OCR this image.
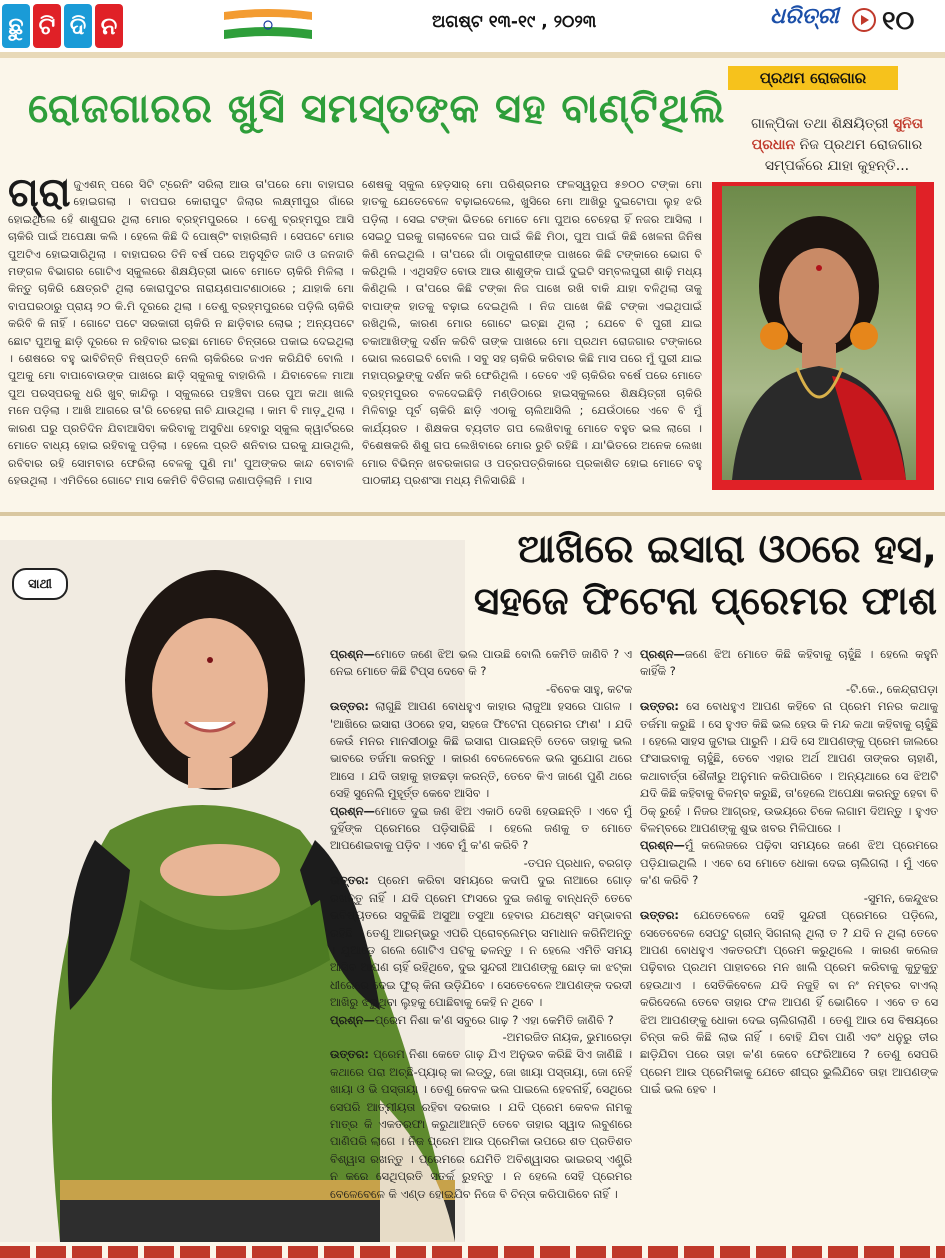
ଛୁ ଟି ଦି ନ	ଅଗଷ୍ଟ ୧୩-୧୯ , ୨୦୨୩	ଧରିତ୍ରୀ ୧୦
ପ୍ରଥମ ରୋଜଗାର
ରୋଜଗାରର ଖୁସି ସମସ୍ତଙ୍କ ସହ ବାଣ୍ଟିଥିଲି ଗାଳ୍ପିକା ତଥା ଶିକ୍ଷୟିତ୍ରୀ ସୁନିତା ପ୍ରଧାନ ନିଜ ପ୍ରଥମ ରୋଜଗାର ସମ୍ପର୍କରେ ଯାହା କୁହନ୍ତି...
ଗ୍ରା ଜୁଏଶନ୍ ପରେ ସିଟି ଟ୍ରେନିଂ ସରିଲା ଆଉ ତା'ପରେ ମୋ ବାହାଘର ହୋଇଗଲା । ବାପଘର କୋରାପୁଟ ଜିଲାର ଲକ୍ଷ୍ମୀପୁର ଗାଁରେ ହୋଇଥିଲେ ହେଁ ଶାଶୁଘର ଥିଲା ମୋର ବ୍ରହ୍ମପୁରରେ । ତେଣୁ ବ୍ରହ୍ମପୁର ଆସି ଚାକିରି ପାଇଁ ଅପେକ୍ଷା କଲି । ହେଲେ କିଛି ଦି ପୋଷ୍ଟିଂ ବାହାରିଲାନି । ସେପଟେ ମୋର ପୁଅଟିଏ ହୋଇସାରିଥିଲା । ବାହାଘରର ତିନି ବର୍ଷ ପରେ ଅନୁସୂଚିତ ଜାତି ଓ ଜନଜାତି ମଙ୍ଗଳ ବିଭାଗର ଗୋଟିଏ ସ୍କୁଲରେ ଶିକ୍ଷୟିତ୍ରୀ ଭାବେ ମୋତେ ଚାକିରି ମିଳିଲା । କିନ୍ତୁ ଚାକିରି କ୍ଷେତ୍ରଟି ଥିଲା କୋରାପୁଟର ନାରାୟଣପାଟଣାଠାରେ ; ଯାହାକି ମୋ ବାପଘରଠାରୁ ପ୍ରାୟ ୨୦ କି.ମି ଦୂରରେ ଥିଲା । ତେଣୁ ବ୍ରହ୍ମପୁରରେ ପଡ଼ିଲି ଚାକିରି କରିବି କି ନାହିଁ । ଗୋଟେ ପଟେ ସରକାରୀ ଚାକିରି ନ ଛାଡ଼ିବାର ଲୋଭ ; ଅନ୍ୟପଟେ ଛୋଟ ପୁଅକୁ ଛାଡ଼ି ଦୂରରେ ନ ରହିବାର ଇଚ୍ଛା ମୋତେ ଚିନ୍ତାରେ ପକାଇ ଦେଇଥିଲା । ଶେଷରେ ବହୁ ଭାବିଚିନ୍ତି ନିଷ୍ପତ୍ତି ନେଲି ଚାକିରିରେ ଜଏନ କରିଯିବି ବୋଲି । ପୁଅକୁ ମୋ ବାପାବୋଉଙ୍କ ପାଖରେ ଛାଡ଼ି ସ୍କୁଲକୁ ବାହାରିଲି । ଯିବାବେଳେ ମାଆ ପୁଅ ପରସ୍ପରକୁ ଧରି ଖୁବ୍ କାନ୍ଦିଲୁ । ସ୍କୁଲରେ ପହଞ୍ଚିବା ପରେ ପୁଅ କଥା ଖାଲି ମନେ ପଡ଼ିଲା । ଆଖି ଆଗରେ ତା'ରି ଚେହେରା ନାଚି ଯାଉଥିଲା । କାମ ବି ମାଡ଼ୁଥିଲା । କାରଣ ଘରୁ ପ୍ରତିଦିନ ଯିବାଆସିବା କରିବାକୁ ଅସୁବିଧା ହେବାରୁ ସ୍କୁଲ କ୍ୱାର୍ଟରରେ ମୋତେ ବାଧ୍ୟ ହୋଇ ରହିବାକୁ ପଡ଼ିଲା । ହେଲେ ପ୍ରତି ଶନିବାର ଘରକୁ ଯାଉଥିଲି, ରବିବାର ରହି ସୋମବାର ଫେରିଲା ବେଳକୁ ପୁଣି ମା' ପୁଅଙ୍କର କାନ୍ଦ ବୋବାଳି ହେଉଥିଲା । ଏମିତିରେ ଗୋଟେ ମାସ କେମିତି ବିତିଗଲା ଜଣାପଡ଼ିଲାନି । ମାସ
ଶେଷକୁ ସ୍କୁଲ ହେଡ଼ସାର୍ ମୋ ପରିଶ୍ରମର ଫଳସ୍ୱରୂପ ୫୭୦୦ ଟଙ୍କା ମୋ ହାତକୁ ଯେତେବେଳେ ବଢ଼ାଇଦେଲେ, ଖୁସିରେ ମୋ ଆଖିରୁ ଦୁଇଟୋପା ଲୁହ ଝରି ପଡ଼ିଲା । ସେଇ ଟଙ୍କା ଭିତରେ ମୋତେ ମୋ ପୁଅର ଚେହେରା ହିଁ ନଜର ଆସିଲା । ସେଇଠୁ ଘରକୁ ଗଲାବେଳେ ଘର ପାଇଁ କିଛି ମିଠା, ପୁଅ ପାଇଁ କିଛି ଖେଳନା ଜିନିଷ କିଣି ନେଇଥିଲି । ତା'ପରେ ଗାଁ ଠାକୁରାଣୀଙ୍କ ପାଖରେ କିଛି ଟଙ୍କାରେ ଭୋଗ ବି କରିଥିଲି । ଏଥିସହିତ ବୋଉ ଆଉ ଶାଶୁଙ୍କ ପାଇଁ ଦୁଇଟି ସମ୍ବଲପୁରୀ ଶାଢ଼ି ମଧ୍ୟ କିଣିଥିଲି । ତା'ପରେ କିଛି ଟଙ୍କା ନିଜ ପାଖେ ରଖି ବାକି ଯାହା ବଳିଥିଲା ତାକୁ ବାପାଙ୍କ ହାତକୁ ବଢ଼ାଇ ଦେଇଥିଲି । ନିଜ ପାଖେ କିଛି ଟଙ୍କା ଏଇଥିପାଇଁ ରଖିଥିଲି, କାରଣ ମୋର ଗୋଟେ ଇଚ୍ଛା ଥିଲା ; ଯେବେ ବି ପୁରୀ ଯାଇ ଚକାଆଖିଙ୍କୁ ଦର୍ଶନ କରିବି ତାଙ୍କ ପାଖରେ ମୋ ପ୍ରଥମ ରୋଜଗାର ଟଙ୍କାରେ ଭୋଗ ଲଗେଇବି ବୋଲି । ସବୁ ସହ ଚାକିରି କରିବାର କିଛି ମାସ ପରେ ମୁଁ ପୁରୀ ଯାଇ ମହାପ୍ରଭୁଙ୍କୁ ଦର୍ଶନ କରି ଫେରିଥିଲି । ତେବେ ଏହି ଚାକିରିର ବର୍ଷେ ପରେ ମୋତେ ବ୍ରହ୍ମପୁରର ବଳଦେଇଛିଡ଼ି ମଣ୍ଡିଠାରେ ହାଇସ୍କୁଲରେ ଶିକ୍ଷୟିତ୍ରୀ ଚାକିରି ମିଳିବାରୁ ପୂର୍ବ ଚାକିରି ଛାଡ଼ି ଏଠାକୁ ଚାଲିଆସିଲି ; ଯେଉଁଠାରେ ଏବେ ବି ମୁଁ କାର୍ଯ୍ୟରତ । ଶିକ୍ଷକତା ବ୍ୟତୀତ ଗପ ଲେଖିବାକୁ ମୋତେ ବହୁତ ଭଲ ଲାଗେ । ବିଶେଷକରି ଶିଶୁ ଗପ ଲେଖିବାରେ ମୋର ରୁଚି ରହିଛି । ଯା'ଭିତରେ ଅନେକ ଲେଖା ମୋର ବିଭିନ୍ନ ଖବରକାଗଜ ଓ ପତ୍ରପତ୍ରିକାରେ ପ୍ରକାଶିତ ହୋଇ ମୋତେ ବହୁ ପାଠକୀୟ ପ୍ରଶଂସା ମଧ୍ୟ ମିଳିସାରିଛି ।
ସାଥୀ
ଆଖିରେ ଇସାରା ଓଠରେ ହସ,
ସହଜେ ଫିଟେନା ପ୍ରେମର ଫାଶ
ପ୍ରଶ୍ନ—ମୋତେ ଜଣେ ଝିଅ ଭଲ ପାଉଛି ବୋଲି କେମିତି ଜାଣିବି ? ଏ ନେଇ ମୋତେ କିଛି ଟିପ୍ସ ଦେବେ କି ?
-ବିବେକ ସାହୁ, କଟକ
ଉତ୍ତର: ଲାଗୁଛି ଆପଣ ବୋଧହୁଏ କାହାର ଲାଜୁଆ ହସରେ ପାଗଳ । 'ଆଖିରେ ଇସାରା ଓଠରେ ହସ, ସହଜେ ଫିଟେନା ପ୍ରେମର ଫାଶ' । ଯଦି କେଉଁ ମନର ମାନସୀଠାରୁ କିଛି ଇସାରା ପାଉଛନ୍ତି ତେବେ ତାହାକୁ ଭଲ ଭାବରେ ତର୍ଜମା କରନ୍ତୁ । କାରଣ ବେଳେବେଳେ ଭଲ ସୁଯୋଗ ଥରେ ଆସେ । ଯଦି ତାହାକୁ ହାତଛଡ଼ା କରନ୍ତି, ତେବେ କିଏ ଜାଣେ ପୁଣି ଥରେ ସେହି ସୁନେଲି ମୁହୂର୍ତ୍ତ କେବେ ଆସିବ ।
ପ୍ରଶ୍ନ—ମୋତେ ଦୁଇ ଜଣ ଝିଅ ଏକାଠି ଦେଖି ହେଉଛନ୍ତି । ଏବେ ମୁଁ ଦୁହିଁଙ୍କ ପ୍ରେମରେ ପଡ଼ିସାରିଛି । ହେଲେ ଜଣକୁ ତ ମୋତେ ଆପଣେଇବାକୁ ପଡ଼ିବ । ଏବେ ମୁଁ କ'ଣ କରିବି ?
-ତପନ ପ୍ରଧାନ, ବରଗଡ଼
ଉତ୍ତର: ପ୍ରେମ କରିବା ସମୟରେ କଦାପି ଦୁଇ ନାଆରେ ଗୋଡ଼ ରଖନ୍ତୁ ନାହିଁ । ଯଦି ପ୍ରେମ ଫାସରେ ଦୁଇ ଜଣକୁ ବାନ୍ଧନ୍ତି ତେବେ ଭବିଷ୍ୟତରେ ସବୁକିଛି ଅସୁଆ ତସୁଆ ହେବାର ଯଥେଷ୍ଟ ସମ୍ଭାବନା ରହିଛି । ତେଣୁ ଆରମ୍ଭରୁ ଏପରି ପ୍ରୋବ୍ଲେମ୍‌ର ସମାଧାନ କରିନିଅନ୍ତୁ । ଯୁଆଡ଼େ ଗଲେ ଗୋଟିଏ ପଟକୁ ଢଳନ୍ତୁ । ନ ହେଲେ ଏମିତି ସମୟ ଆସିବ ଆପଣ ଚାହିଁ ରହିଥିବେ, ଦୁଇ ସୁନ୍ଦରୀ ଆପଣଙ୍କୁ ଛୋଡ଼ କା ଝଟ୍‌କା ଧୀରେରେ ଦେଇ ଫୁର୍ କିନା ଉଡ଼ିଯିବେ । ସେତେବେଳେ ଆପଣଙ୍କ ଦରଦୀ ଆଖିରୁ ଝରୁଥିବା ଲୁହକୁ ପୋଛିବାକୁ କେହି ନ ଥିବେ ।
ପ୍ରଶ୍ନ—ପ୍ରେମ ନିଶା କ'ଣ ସବୁରେ ଗାଢ଼ ? ଏହା କେମିତି ଜାଣିବି ?
-ଅମରଜିତ ନାୟକ, ଭୁମାରେଡ଼ା
ଉତ୍ତର: ପ୍ରେମ ନିଶା କେତେ ଗାଢ଼ ଯିଏ ଅନୁଭବ କରିଛି ସିଏ ଜାଣିଛି । କଥାରେ ପରା ଅଚ୍ଛି-ପ୍ୟାର୍ କା ଲଡ୍ଡୁ, ଜୋ ଖାୟା ପସ୍ତାୟା, ଜୋ ନେହିଁ ଖାୟା ଓ ଭି ପସ୍ତାୟା । ତେଣୁ କେବଳ ଭଲ ପାଇଲେ ହେବନାହିଁ, ସେଥିରେ ସେପରି ଆତ୍ମୀୟତା ରହିବା ଦରକାର । ଯଦି ପ୍ରେମ କେବଳ ନାମକୁ ମାତ୍ର କି ଏକତରଫା କରୁଥାଆନ୍ତି ତେବେ ତାହାର ସ୍ୱାଦ ଲବୁଣରେ ପାଣିପରି ଲାଗେ । ନିଜ ପ୍ରେମ ଆଉ ପ୍ରେମିକା ଉପରେ ଶତ ପ୍ରତିଶତ ବିଶ୍ୱାସ ରଖନ୍ତୁ । ପ୍ରେମରେ ଯେମିତି ଅବିଶ୍ୱାସର ଭାଇରସ୍ ଏଣ୍ଟ୍ରି ନ କରେ ସେଥିପ୍ରତି ସତର୍କ ରୁହନ୍ତୁ । ନ ହେଲେ ସେହି ପ୍ରେମର ବେଳେବେଳେ କି ଏଣ୍ଡ ହୋଇଯିବ ନିଜେ ବି ଚିନ୍ତା କରିପାରିବେ ନାହିଁ ।
ପ୍ରଶ୍ନ—ଜଣେ ଝିଅ ମୋତେ କିଛି କହିବାକୁ ଚାହୁଁଛି । ହେଲେ କହୁନି କାହିଁକି ?
-ଟି.କେ., କେନ୍ଦ୍ରାପଡ଼ା
ଉତ୍ତର: ସେ ବୋଧହୁଏ ଆପଣ କହିବେ ନା ପ୍ରେମ ମନର କଥାକୁ ତର୍ଜମା କରୁଛି । ସେ ହୁଏତ କିଛି ଭଲ ହେଉ କି ମନ୍ଦ କଥା କହିବାକୁ ଚାହୁଁଛି । ହେଲେ ସାହସ ଜୁଟାଇ ପାରୁନି । ଯଦି ସେ ଆପଣଙ୍କୁ ପ୍ରେମ ଜାଲରେ ଫସାଇବାକୁ ଚାହୁଁଛି, ତେବେ ଏହାର ଅର୍ଥ ଆପଣ ତାଙ୍କର ଚାହାଣି, କଥାବାର୍ତ୍ତା ଶୈଳୀରୁ ଅନୁମାନ କରିପାରିବେ । ଅନ୍ୟଥାରେ ସେ ଝିଅଟି ଯଦି କିଛି କହିବାକୁ ବିଳମ୍ବ କରୁଛି, ତା'ହେଲେ ଅପେକ୍ଷା କରନ୍ତୁ ହେବା ବି ଠିକ୍ ରୁହେଁ । ନିଜର ଆଗ୍ରହ, ଉଭୟରେ ଚିକେ ଲଗାମ ଦିଅନ୍ତୁ । ହୁଏତ ବିଳମ୍ବରେ ଆପଣଙ୍କୁ ଶୁଭ ଖବର ମିଳିପାରେ ।
ପ୍ରଶ୍ନ—ମୁଁ କଲେଜରେ ପଢ଼ିବା ସମୟରେ ଜଣେ ଝିଅ ପ୍ରେମରେ ପଡ଼ିଯାଇଥିଲି । ଏବେ ସେ ମୋତେ ଧୋକା ଦେଇ ଚାଲିଗଲା । ମୁଁ ଏବେ କ'ଣ କରିବି ?
-ସୁମନ, କେନ୍ଦୁଝର
ଉତ୍ତର: ଯେତେବେଳେ ସେହି ସୁନ୍ଦରୀ ପ୍ରେମରେ ପଡ଼ିଲେ, ସେତେବେଳେ ସେପଟୁ ଗ୍ରୀନ୍ ସିଗନାଲ୍ ଥିଲା ତ ? ଯଦି ନ ଥିଲା ତେବେ ଆପଣ ବୋଧହୁଏ ଏକତରଫା ପ୍ରେମ କରୁଥିଲେ । କାରଣ କଲେଜ ପଢ଼ିବାର ପ୍ରଥମ ପାହାଚରେ ମନ ଖାଲି ପ୍ରେମ କରିବାକୁ କୁତୁକୁତୁ ହେଉଥାଏ । ସେତିକିବେଳେ ଯଦି ନଜୁହି ବା ନଂ ନମ୍ବର ବାଏଲ୍ କରିଦେଲେ ତେବେ ତାହାର ଫଳ ଆପଣ ହିଁ ଭୋଗିବେ । ଏବେ ତ ସେ ଝିଅ ଆପଣଙ୍କୁ ଧୋକା ଦେଇ ଚାଲିଗଲାଣି । ତେଣୁ ଆଉ ସେ ବିଷୟରେ ଚିନ୍ତା କରି କିଛି ଲାଭ ନାହିଁ । ବୋହି ଯିବା ପାଣି ଏବଂ ଧନୁରୁ ତୀର ଛାଡ଼ିଯିବା ପରେ ତାହା କ'ଣ କେବେ ଫେରିଆସେ ? ତେଣୁ ସେପରି ପ୍ରେମ ଆଉ ପ୍ରେମିକାକୁ ଯେତେ ଶୀଘ୍ର ଭୁଲିଯିବେ ତାହା ଆପଣଙ୍କ ପାଇଁ ଭଲ ହେବ ।
